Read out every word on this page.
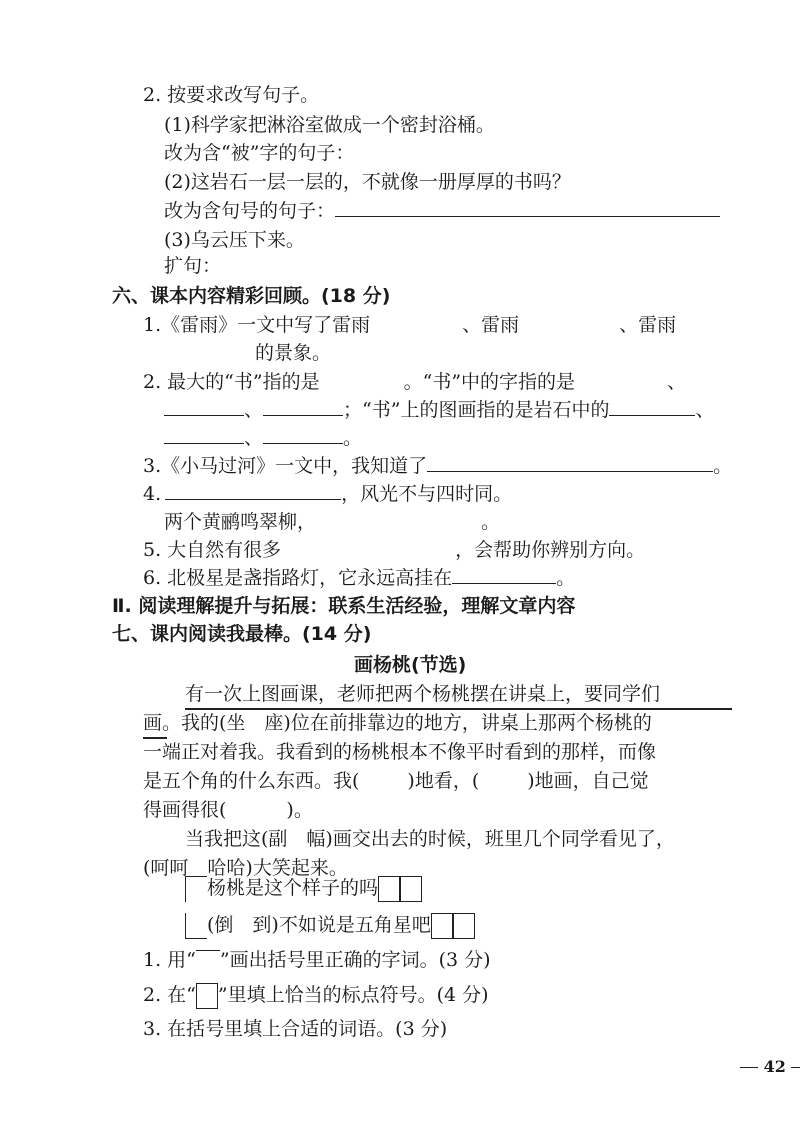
2. 按要求改写句子。
(1)科学家把淋浴室做成一个密封浴桶。
改为含“被”字的句子：
(2)这岩石一层一层的，不就像一册厚厚的书吗？
改为含句号的句子：
(3)乌云压下来。
扩句：
六、课本内容精彩回顾。(18 分)
1.《雷雨》一文中写了雷雨	、雷雨	、雷雨
的景象。
2. 最大的“书”指的是	。“书”中的字指的是	、
、	；“书”上的图画指的是岩石中的	、
、	。
3.《小马过河》一文中，我知道了	。
4.	，风光不与四时同。
两个黄鹂鸣翠柳，	。
5. 大自然有很多	，会帮助你辨别方向。
6. 北极星是盏指路灯，它永远高挂在	。
Ⅱ. 阅读理解提升与拓展：联系生活经验，理解文章内容
七、课内阅读我最棒。(14 分)
画杨桃(节选)
有一次上图画课，老师把两个杨桃摆在讲桌上，要同学们
画。我的(坐　座)位在前排靠边的地方，讲桌上那两个杨桃的
一端正对着我。我看到的杨桃根本不像平时看到的那样，而像
是五个角的什么东西。我(	)地看，(	)地画，自己觉
得画得很(	)。
当我把这(副　幅)画交出去的时候，班里几个同学看见了，
(呵呵　哈哈)大笑起来。
杨桃是这个样子的吗
(倒　到)不如说是五角星吧
1. 用“ ”画出括号里正确的字词。(3 分)
2. 在“ ”里填上恰当的标点符号。(4 分)
3. 在括号里填上合适的词语。(3 分)
42
